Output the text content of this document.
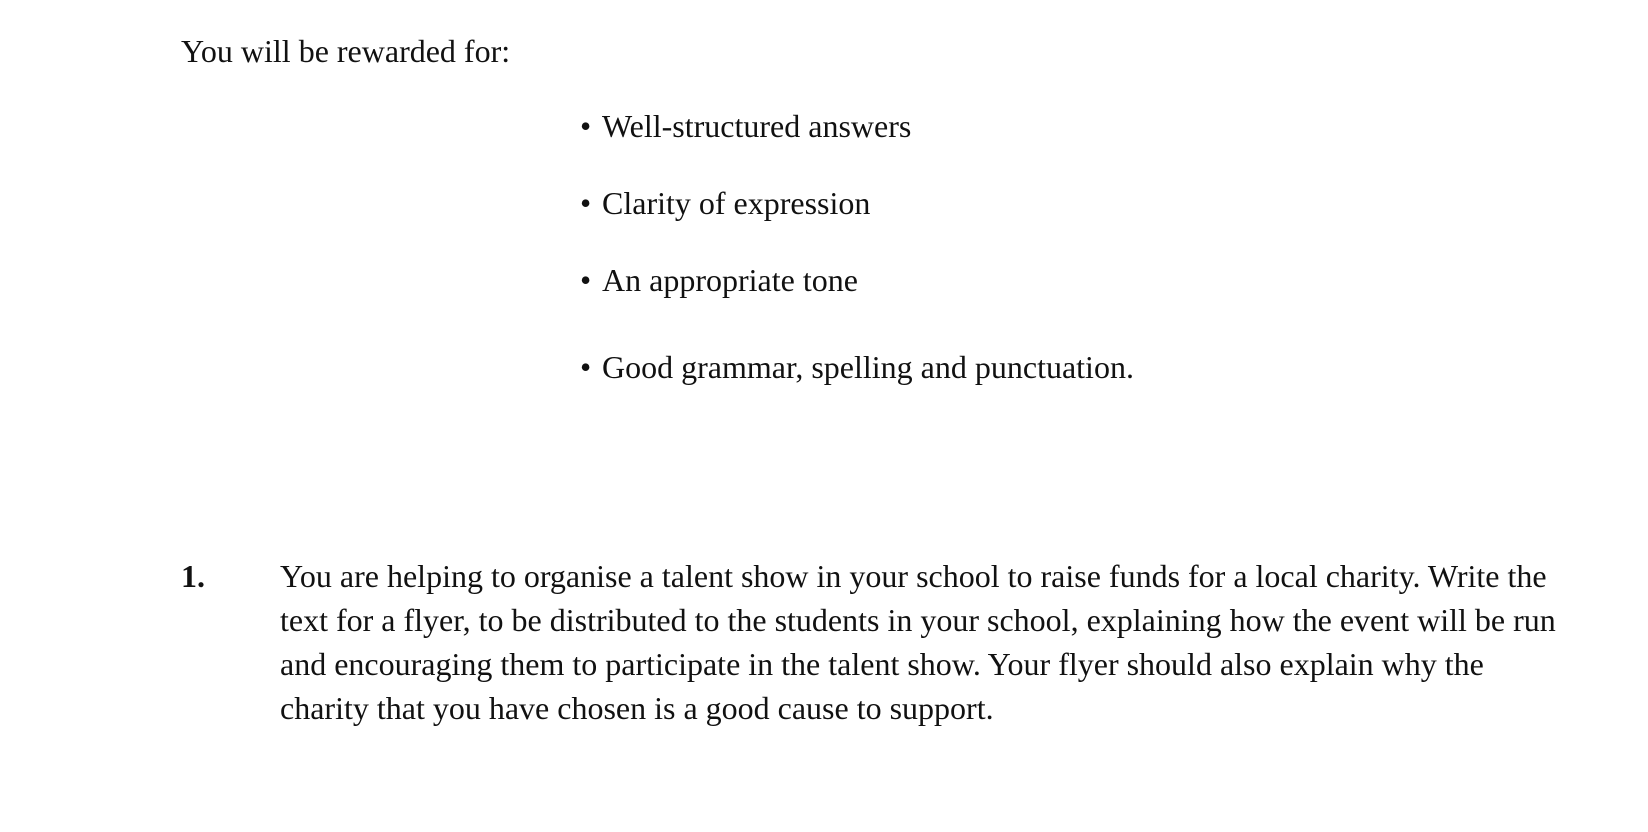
You will be rewarded for:

• Well-structured answers
• Clarity of expression
• An appropriate tone
• Good grammar, spelling and punctuation.
1. You are helping to organise a talent show in your school to raise funds for a local charity. Write the text for a flyer, to be distributed to the students in your school, explaining how the event will be run and encouraging them to participate in the talent show. Your flyer should also explain why the charity that you have chosen is a good cause to support.
